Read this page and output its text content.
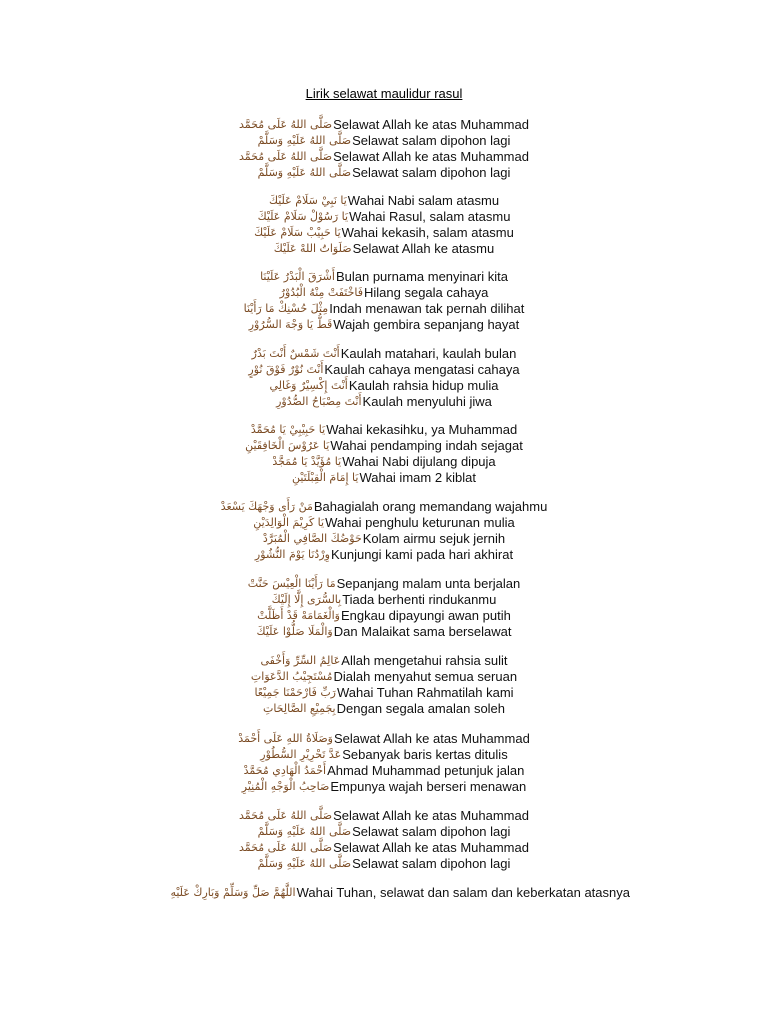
Lirik selawat maulidur rasul
صَلَّى اللهُ عَلَى مُحَمَّد Selawat Allah ke atas Muhammad
صَلَّى اللهُ عَلَيْهِ وَسَلَّمْ Selawat salam dipohon lagi
صَلَّى اللهُ عَلَى مُحَمَّد Selawat Allah ke atas Muhammad
صَلَّى اللهُ عَلَيْهِ وَسَلَّمْ Selawat salam dipohon lagi
يَا نَبِيْ سَلَامْ عَلَيْكَ Wahai Nabi salam atasmu
يَا رَسُوْلْ سَلَامْ عَلَيْكَ Wahai Rasul, salam atasmu
يَا حَبِيْبْ سَلَامْ عَلَيْكَ Wahai kekasih, salam atasmu
صَلَوَاتُ اللهْ عَلَيْكَ Selawat Allah ke atasmu
أَشْرَقَ الْبَدْرُ عَلَيْنَا Bulan purnama menyinari kita
فَاخْتَفَتْ مِنْهُ الْبُدُوْرُ Hilang segala cahaya
مِثْلَ حُسْنِكْ مَا رَأَيْنَا Indah menawan tak pernah dilihat
قَطُّ يَا وَجْهَ السُّرُوْرِ Wajah gembira sepanjang hayat
أَنْتَ شَمْسٌ أَنْتَ بَدْرٌ Kaulah matahari, kaulah bulan
أَنْتَ نُوْرٌ فَوْقَ نُوْرٍ Kaulah cahaya mengatasi cahaya
أَنْتَ إِكْسِيْرٌ وَغَالِي Kaulah rahsia hidup mulia
أَنْتَ مِصْبَاحُ الصُّدُوْرِ Kaulah menyuluhi jiwa
يَا حَبِيْبِيْ يَا مُحَمَّدْ Wahai kekasihku, ya Muhammad
يَا عَرُوْسَ الْخَافِقَيْنِ Wahai pendamping indah sejagat
يَا مُؤَيَّدْ يَا مُمَجَّدْ Wahai Nabi dijulang dipuja
يَا إِمَامَ الْقِبْلَتَيْنِ Wahai imam 2 kiblat
مَنْ رَأَى وَجْهَكَ يَسْعَدْ Bahagialah orang memandang wajahmu
يَا كَرِيْمَ الْوَالِدَيْنِ Wahai penghulu keturunan mulia
حَوْضُكَ الصَّافِي الْمُبَرَّدْ Kolam airmu sejuk jernih
وِرْدُنَا يَوْمَ النُّشُوْرِ Kunjungi kami pada hari akhirat
مَا رَأَيْنَا الْعِيْسَ حَنَّتْ Sepanjang malam unta berjalan
بِالسُّرَى إِلَّا إِلَيْكَ Tiada berhenti rindukanmu
وَالْغَمَامَهْ قَدْ أَظَلَّتْ Engkau dipayungi awan putih
وَالْمَلَا صَلُّوْا عَلَيْكَ Dan Malaikat sama berselawat
عَالِمُ السِّرِّ وَأَخْفَى Allah mengetahui rahsia sulit
مُسْتَجِيْبُ الدَّعَوَاتِ Dialah menyahut semua seruan
رَبِّ فَارْحَمْنَا جَمِيْعًا Wahai Tuhan Rahmatilah kami
بِجَمِيْعِ الصَّالِحَاتِ Dengan segala amalan soleh
وَصَلَاةُ اللهِ عَلَى أَحْمَدْ Selawat Allah ke atas Muhammad
عَدَّ تَحْرِيْرِ السُّطُوْرِ Sebanyak baris kertas ditulis
أَحْمَدُ الْهَادِي مُحَمَّدْ Ahmad Muhammad petunjuk jalan
صَاحِبُ الْوَجْهِ الْمُنِيْرِ Empunya wajah berseri menawan
صَلَّى اللهُ عَلَى مُحَمَّد Selawat Allah ke atas Muhammad
صَلَّى اللهُ عَلَيْهِ وَسَلَّمْ Selawat salam dipohon lagi
صَلَّى اللهُ عَلَى مُحَمَّد Selawat Allah ke atas Muhammad
صَلَّى اللهُ عَلَيْهِ وَسَلَّمْ Selawat salam dipohon lagi
اللَّهُمَّ صَلِّ وَسَلِّمْ وَبَارِكْ عَلَيْهِ Wahai Tuhan, selawat dan salam dan keberkatan atasnya
